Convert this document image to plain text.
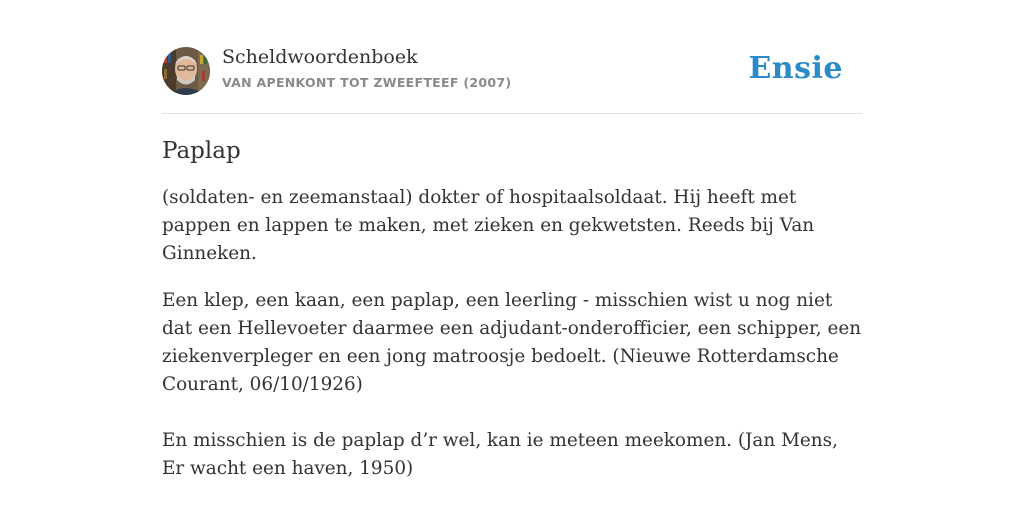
Scheldwoordenboek
VAN APENKONT TOT ZWEEFTEEF (2007)	Ensie
Paplap

(soldaten- en zeemanstaal) dokter of hospitaalsoldaat. Hij heeft met pappen en lappen te maken, met zieken en gekwetsten. Reeds bij Van Ginneken.

Een klep, een kaan, een paplap, een leerling - misschien wist u nog niet dat een Hellevoeter daarmee een adjudant-onderofficier, een schipper, een ziekenverpleger en een jong matroosje bedoelt. (Nieuwe Rotterdamsche Courant, 06/10/1926)

En misschien is de paplap d’r wel, kan ie meteen meekomen. (Jan Mens, Er wacht een haven, 1950)
